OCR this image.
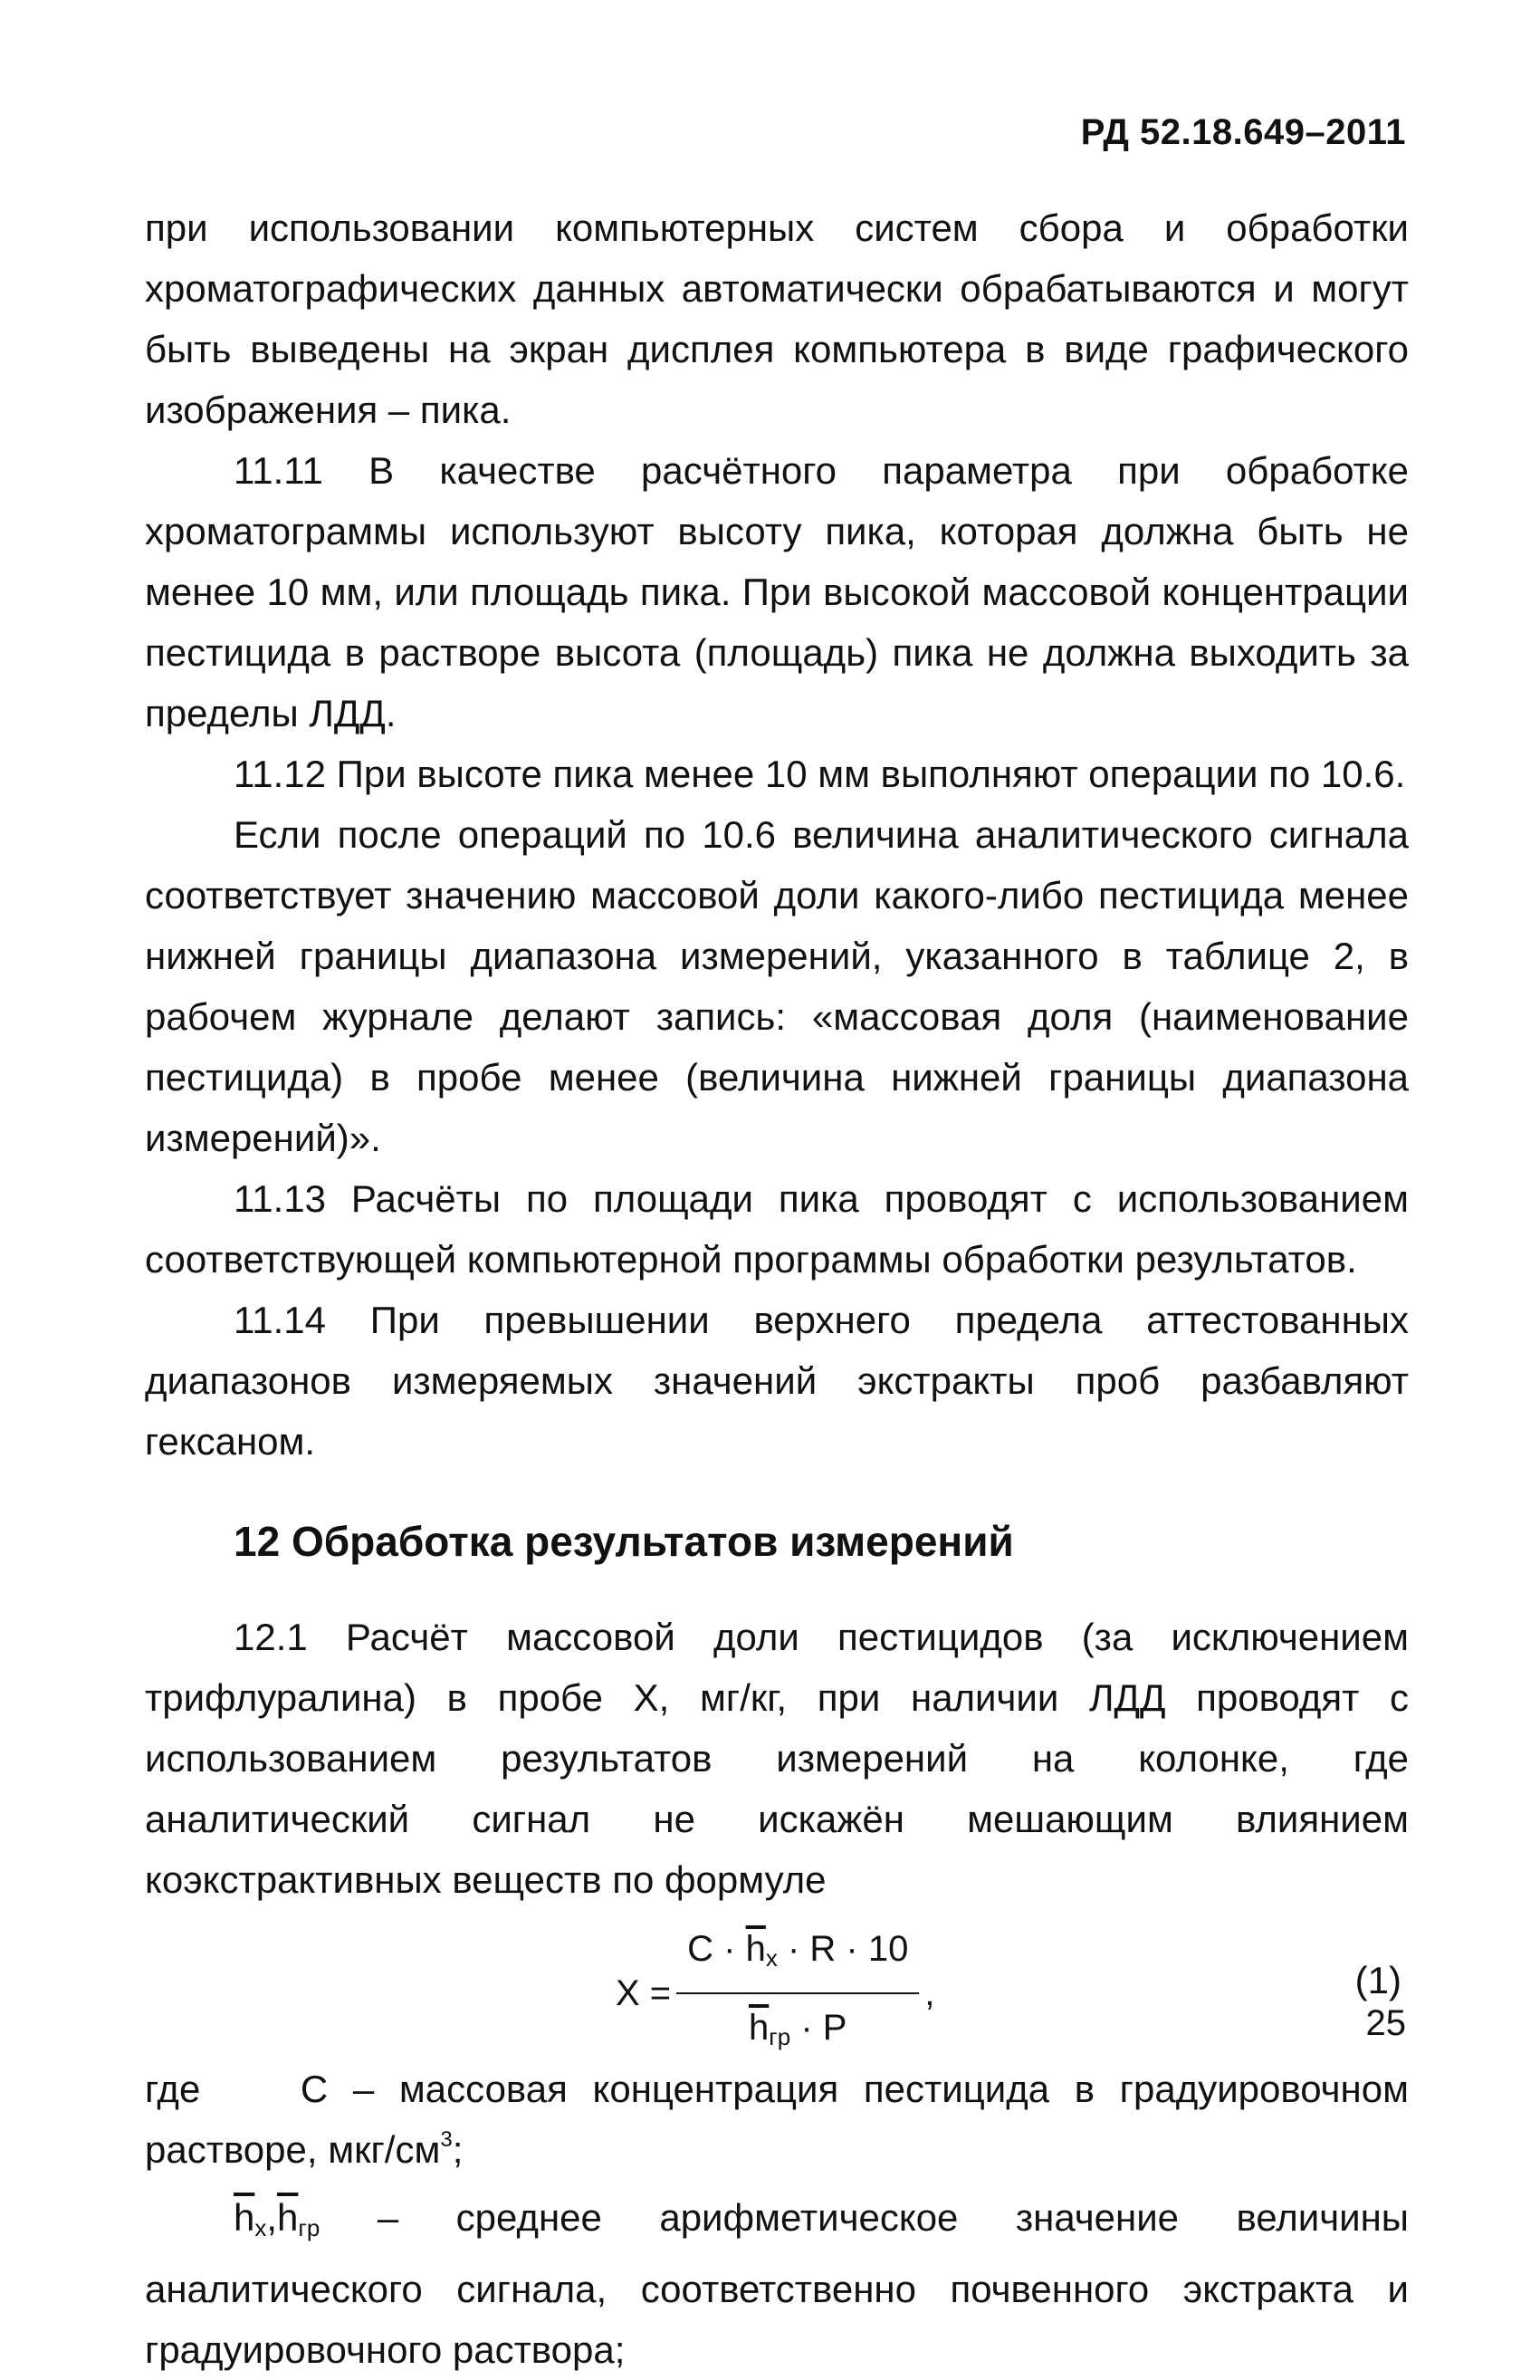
РД 52.18.649–2011

при использовании компьютерных систем сбора и обработки хроматографических данных автоматически обрабатываются и могут быть выведены на экран дисплея компьютера в виде графического изображения – пика.

11.11 В качестве расчётного параметра при обработке хроматограммы используют высоту пика, которая должна быть не менее 10 мм, или площадь пика. При высокой массовой концентрации пестицида в растворе высота (площадь) пика не должна выходить за пределы ЛДД.

11.12 При высоте пика менее 10 мм выполняют операции по 10.6.

Если после операций по 10.6 величина аналитического сигнала соответствует значению массовой доли какого-либо пестицида менее нижней границы диапазона измерений, указанного в таблице 2, в рабочем журнале делают запись: «массовая доля (наименование пестицида) в пробе менее (величина нижней границы диапазона измерений)».

11.13 Расчёты по площади пика проводят с использованием соответствующей компьютерной программы обработки результатов.

11.14 При превышении верхнего предела аттестованных диапазонов измеряемых значений экстракты проб разбавляют гексаном.

12 Обработка результатов измерений

12.1 Расчёт массовой доли пестицидов (за исключением трифлуралина) в пробе X, мг/кг, при наличии ЛДД проводят с использованием результатов измерений на колонке, где аналитический сигнал не искажён мешающим влиянием коэкстрактивных веществ по формуле

$X = \frac{C \cdot \overline{h}_x \cdot R \cdot 10}{\overline{h}_{гр} \cdot P}$ ,	(1)

где	C – массовая концентрация пестицида в градуировочном растворе, мкг/$см^3$;

$\overline{h}_x,\overline{h}_{гр}$ – среднее арифметическое значение величины аналитического сигнала, соответственно почвенного экстракта и градуировочного раствора;

25
